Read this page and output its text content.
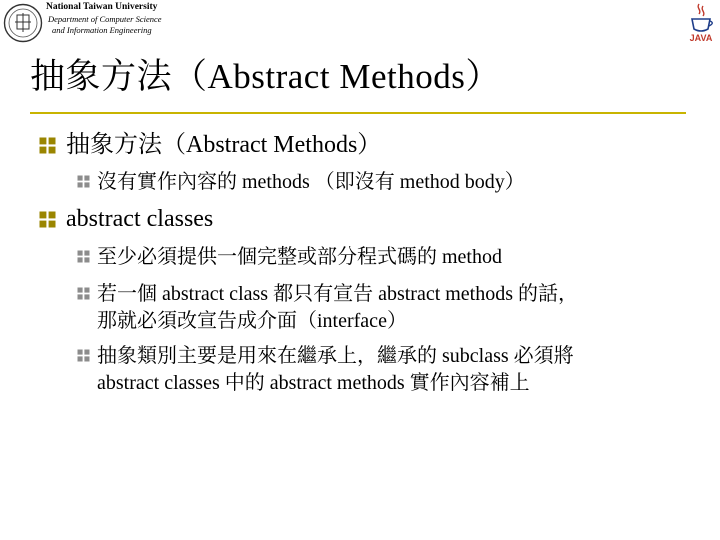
National Taiwan University
Department of Computer Science
and Information Engineering
JAVA
抽象方法（Abstract Methods）
抽象方法（Abstract Methods）
沒有實作內容的 methods （即沒有 method body）
abstract classes
至少必須提供一個完整或部分程式碼的 method
若一個 abstract class 都只有宣告 abstract methods 的話，
那就必須改宣告成介面（interface）
抽象類別主要是用來在繼承上，繼承的 subclass 必須將
abstract classes 中的 abstract methods 實作內容補上
